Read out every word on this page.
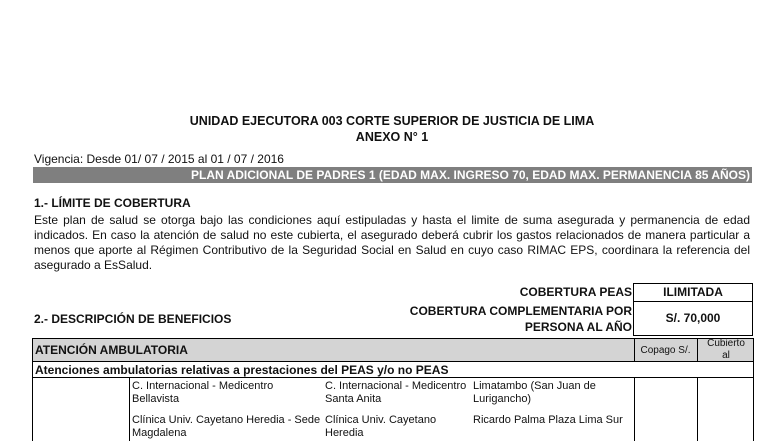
UNIDAD EJECUTORA 003 CORTE SUPERIOR DE JUSTICIA DE LIMA
ANEXO N° 1
Vigencia: Desde 01/ 07 / 2015 al 01 / 07 / 2016
PLAN ADICIONAL DE PADRES 1 (EDAD MAX. INGRESO 70, EDAD MAX. PERMANENCIA 85 AÑOS)
1.- LÍMITE DE COBERTURA
Este plan de salud se otorga bajo las condiciones aquí estipuladas y hasta el limite de suma asegurada y permanencia de edad indicados. En caso la atención de salud no este cubierta, el asegurado deberá cubrir los gastos relacionados de manera particular a menos que aporte al Régimen Contributivo de la Seguridad Social en Salud en cuyo caso RIMAC EPS, coordinara la referencia del asegurado a EsSalud.
COBERTURA PEAS	ILIMITADA
COBERTURA COMPLEMENTARIA POR
PERSONA AL AÑO
S/. 70,000
2.- DESCRIPCIÓN DE BENEFICIOS
ATENCIÓN AMBULATORIA	Copago S/.
Cubierto
al
Atenciones ambulatorias relativas a prestaciones del PEAS y/o no PEAS
C. Internacional - Medicentro Bellavista
C. Internacional - Medicentro Santa Anita
Limatambo (San Juan de Lurigancho)
Clínica Univ. Cayetano Heredia - Sede Magdalena
Clínica Univ. Cayetano Heredia
Ricardo Palma Plaza Lima Sur
